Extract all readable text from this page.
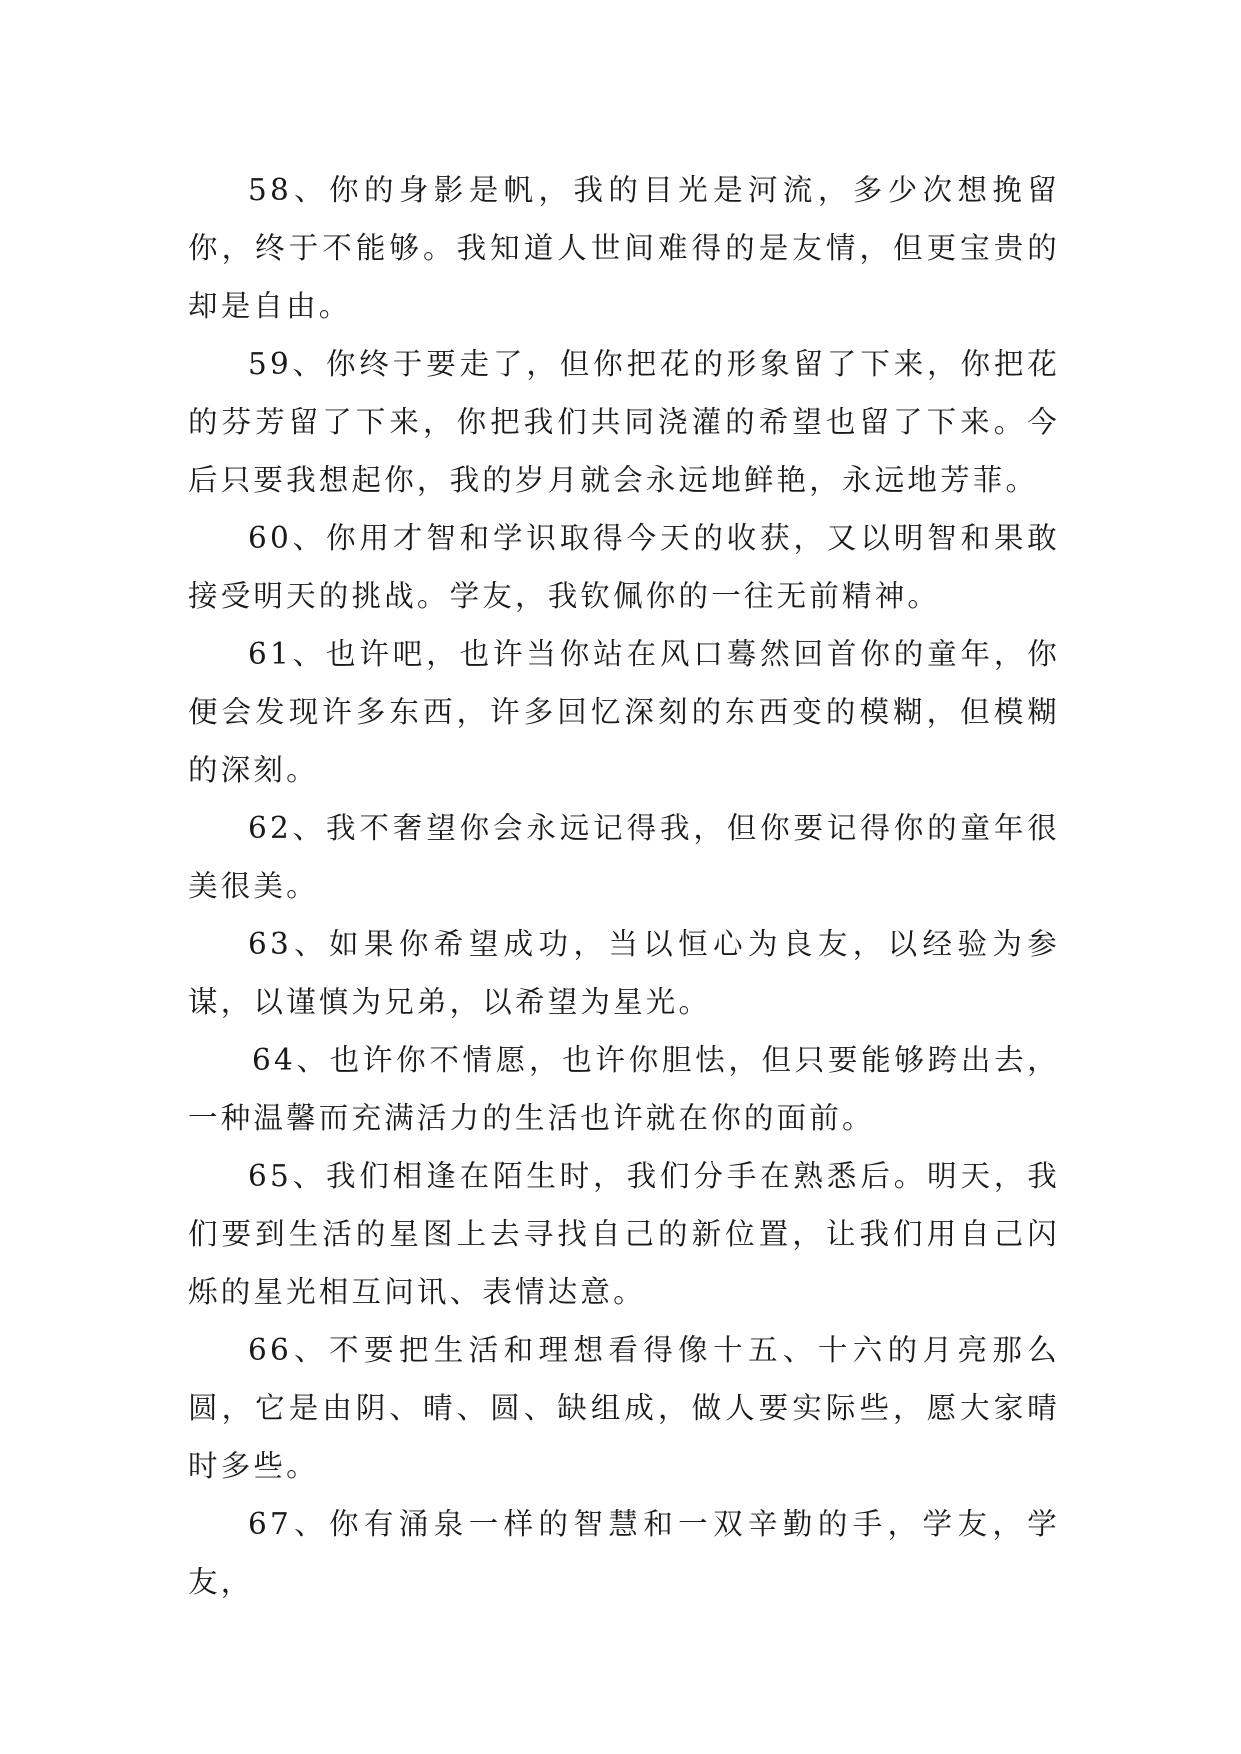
58、你的身影是帆，我的目光是河流，多少次想挽留你，终于不能够。我知道人世间难得的是友情，但更宝贵的却是自由。

59、你终于要走了，但你把花的形象留了下来，你把花的芬芳留了下来，你把我们共同浇灌的希望也留了下来。今后只要我想起你，我的岁月就会永远地鲜艳，永远地芳菲。

60、你用才智和学识取得今天的收获，又以明智和果敢接受明天的挑战。学友，我钦佩你的一往无前精神。

61、也许吧，也许当你站在风口蓦然回首你的童年，你便会发现许多东西，许多回忆深刻的东西变的模糊，但模糊的深刻。

62、我不奢望你会永远记得我，但你要记得你的童年很美很美。

63、如果你希望成功，当以恒心为良友，以经验为参谋，以谨慎为兄弟，以希望为星光。

64、也许你不情愿，也许你胆怯，但只要能够跨出去，一种温馨而充满活力的生活也许就在你的面前。

65、我们相逢在陌生时，我们分手在熟悉后。明天，我们要到生活的星图上去寻找自己的新位置，让我们用自己闪烁的星光相互问讯、表情达意。

66、不要把生活和理想看得像十五、十六的月亮那么圆，它是由阴、晴、圆、缺组成，做人要实际些，愿大家晴时多些。

67、你有涌泉一样的智慧和一双辛勤的手，学友，学友，
